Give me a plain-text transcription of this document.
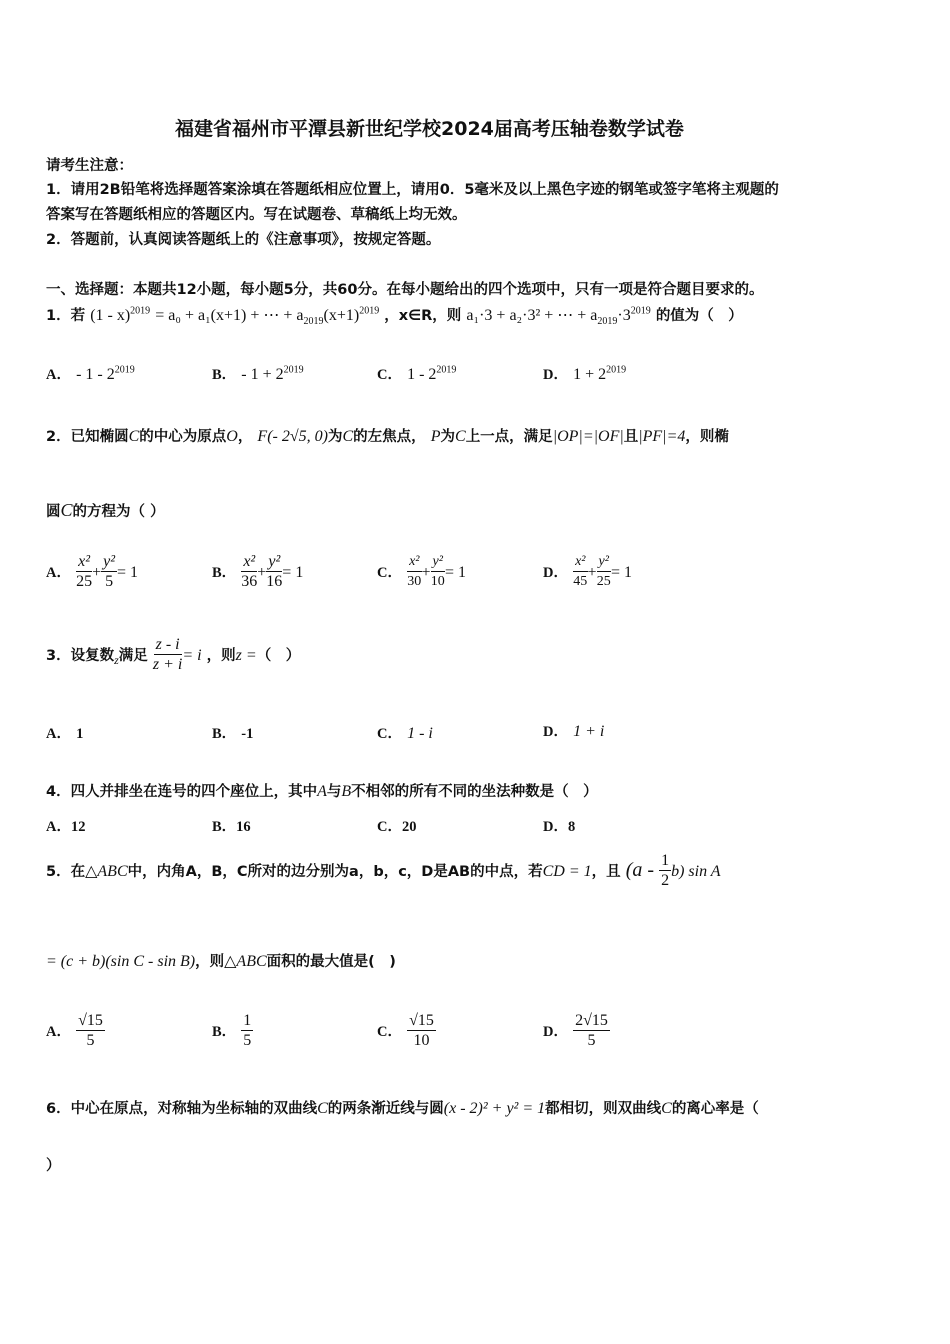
福建省福州市平潭县新世纪学校2024届高考压轴卷数学试卷
请考生注意：
1．请用2B铅笔将选择题答案涂填在答题纸相应位置上，请用0．5毫米及以上黑色字迹的钢笔或签字笔将主观题的
答案写在答题纸相应的答题区内。写在试题卷、草稿纸上均无效。
2．答题前，认真阅读答题纸上的《注意事项》，按规定答题。
一、选择题：本题共12小题，每小题5分，共60分。在每小题给出的四个选项中，只有一项是符合题目要求的。
1．若 (1 - x)$^{2019}$ = a₀ + a₁(x+1) + ⋯ + $a_{2019}(x+1)^{2019}$ ，x∈R，则 a₁·3 + a₂·3² + ⋯ + $a_{2019}\cdot 3^{2019}$ 的值为（　）
A． - $1 - 2^{2019}$	B． - $1 + 2^{2019}$	C． $1 - 2^{2019}$	D． $1 + 2^{2019}$
2．已知椭圆C的中心为原点O， F(- 2√5, 0)为C的左焦点， P为C上一点，满足|OP|=|OF|且|PF|=4，则椭
圆C的方程为（ ）
A． $\frac{\text{x²}}{25} + \frac{\text{y²}}{5} = 1$	B． $\frac{\text{x²}}{36} + \frac{\text{y²}}{16} = 1$	C． $\frac{\text{x²}}{30} + \frac{\text{y²}}{10} = 1$	D． $\frac{\text{x²}}{45} + \frac{\text{y²}}{25} = 1$
3．设复数$_z$满足 $\frac{z - i}{z + i} = i$ ，则z =（　）
A． 1	B． -1	C． 1 - i	D． 1 + i
4．四人并排坐在连号的四个座位上，其中A与B不相邻的所有不同的坐法种数是（　）
A．12	B．16	C．20	D．8
5．在△ABC中，内角A，B，C所对的边分别为a，b，c，D是AB的中点，若CD = 1，且 $(a - \frac{1}{2} b)$ sin A
= (c + b)(sin C - sin B)，则△ABC面积的最大值是(　)
A． $\frac{√15}{5}$	B． $\frac{1}{5}$	C． $\frac{√15}{10}$	D． $\frac{2√15}{5}$
6．中心在原点，对称轴为坐标轴的双曲线C的两条渐近线与圆(x - 2)² + y² = 1都相切，则双曲线C的离心率是（
）
